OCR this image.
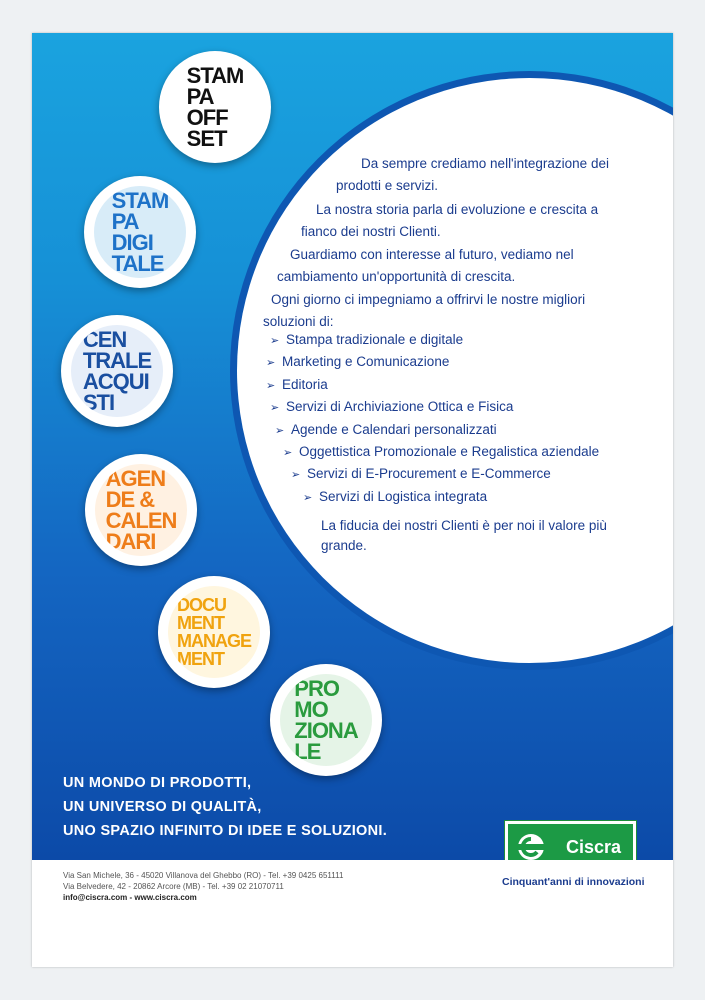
STAM
PA
OFF
SET
STAM
PA
DIGI
TALE
CEN
TRALE
ACQUI
STI
AGEN
DE &
CALEN
DARI
DOCU
MENT
MANAGE
MENT
PRO
MO
ZIONA
LE
Da sempre crediamo nell'integrazione dei
prodotti e servizi.
La nostra storia parla di evoluzione e crescita a
fianco dei nostri Clienti.
Guardiamo con interesse al futuro, vediamo nel
cambiamento un'opportunità di crescita.
Ogni giorno ci impegniamo a offrirvi le nostre migliori
soluzioni di:
➢ Stampa tradizionale e digitale
➢ Marketing e Comunicazione
➢ Editoria
➢ Servizi di Archiviazione Ottica e Fisica
➢ Agende e Calendari personalizzati
➢ Oggettistica Promozionale e Regalistica aziendale
➢ Servizi di E-Procurement e E-Commerce
➢ Servizi di Logistica integrata
La fiducia dei nostri Clienti è per noi il valore più
grande.
UN MONDO DI PRODOTTI,
UN UNIVERSO DI QUALITÀ,
UNO SPAZIO INFINITO DI IDEE E SOLUZIONI.
Ciscra
Cinquant'anni di innovazioni
Via San Michele, 36 - 45020 Villanova del Ghebbo (RO) - Tel. +39 0425 651111
Via Belvedere, 42 - 20862 Arcore (MB) - Tel. +39 02 21070711
info@ciscra.com - www.ciscra.com
